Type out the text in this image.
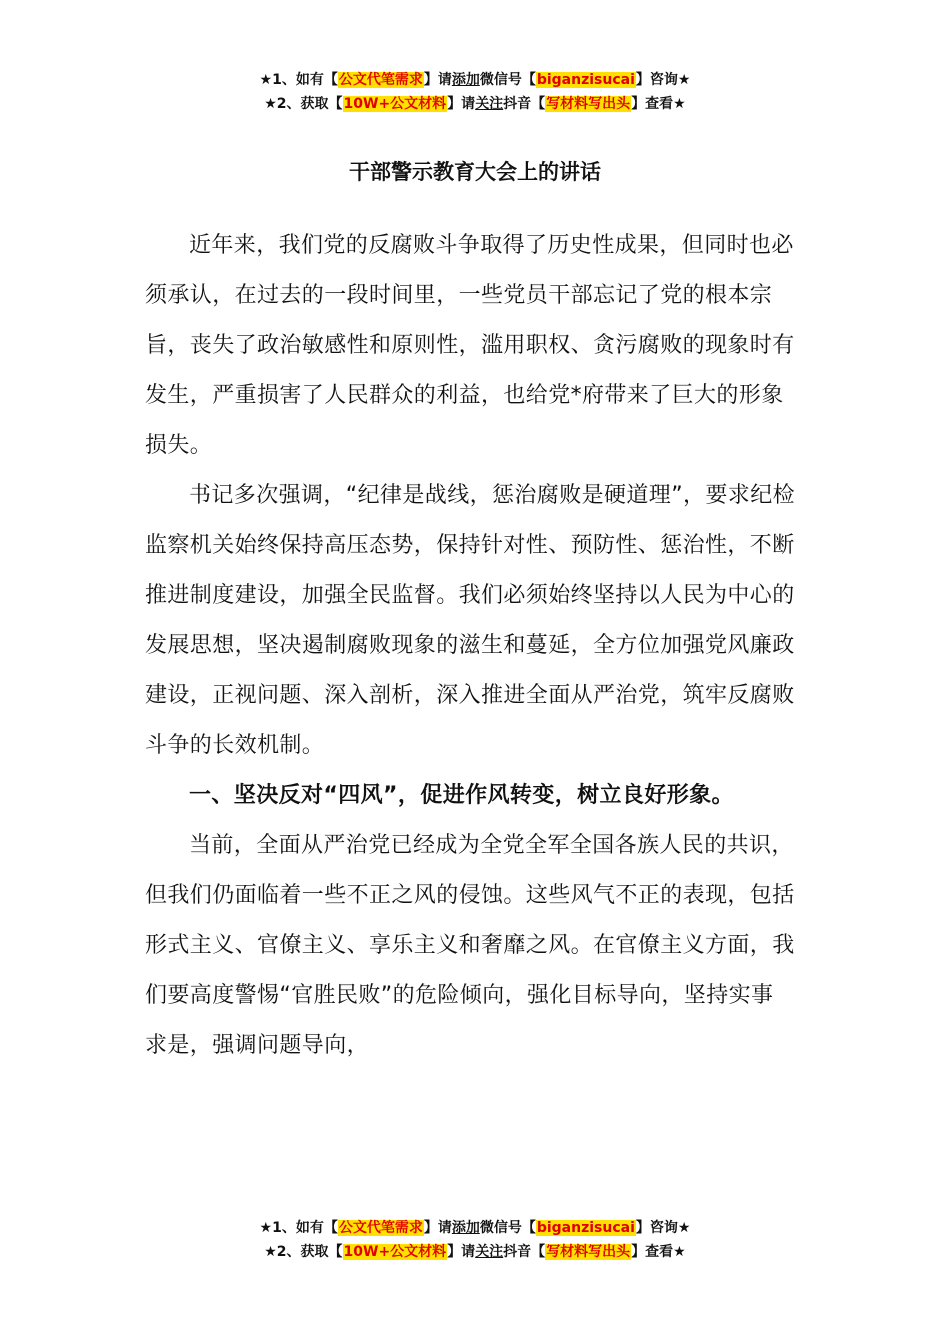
★1、如有【公文代笔需求】请添加微信号【biganzisucai】咨询★
★2、获取【10W+公文材料】请关注抖音【写材料写出头】查看★
干部警示教育大会上的讲话

近年来，我们党的反腐败斗争取得了历史性成果，但同时也必须承认，在过去的一段时间里，一些党员干部忘记了党的根本宗旨，丧失了政治敏感性和原则性，滥用职权、贪污腐败的现象时有发生，严重损害了人民群众的利益，也给党*府带来了巨大的形象损失。

书记多次强调，“纪律是战线，惩治腐败是硬道理”，要求纪检监察机关始终保持高压态势，保持针对性、预防性、惩治性，不断推进制度建设，加强全民监督。我们必须始终坚持以人民为中心的发展思想，坚决遏制腐败现象的滋生和蔓延，全方位加强党风廉政建设，正视问题、深入剖析，深入推进全面从严治党，筑牢反腐败斗争的长效机制。

一、坚决反对“四风”，促进作风转变，树立良好形象。

当前，全面从严治党已经成为全党全军全国各族人民的共识，但我们仍面临着一些不正之风的侵蚀。这些风气不正的表现，包括形式主义、官僚主义、享乐主义和奢靡之风。在官僚主义方面，我们要高度警惕“官胜民败”的危险倾向，强化目标导向，坚持实事求是，强调问题导向，

★1、如有【公文代笔需求】请添加微信号【biganzisucai】咨询★
★2、获取【10W+公文材料】请关注抖音【写材料写出头】查看★
